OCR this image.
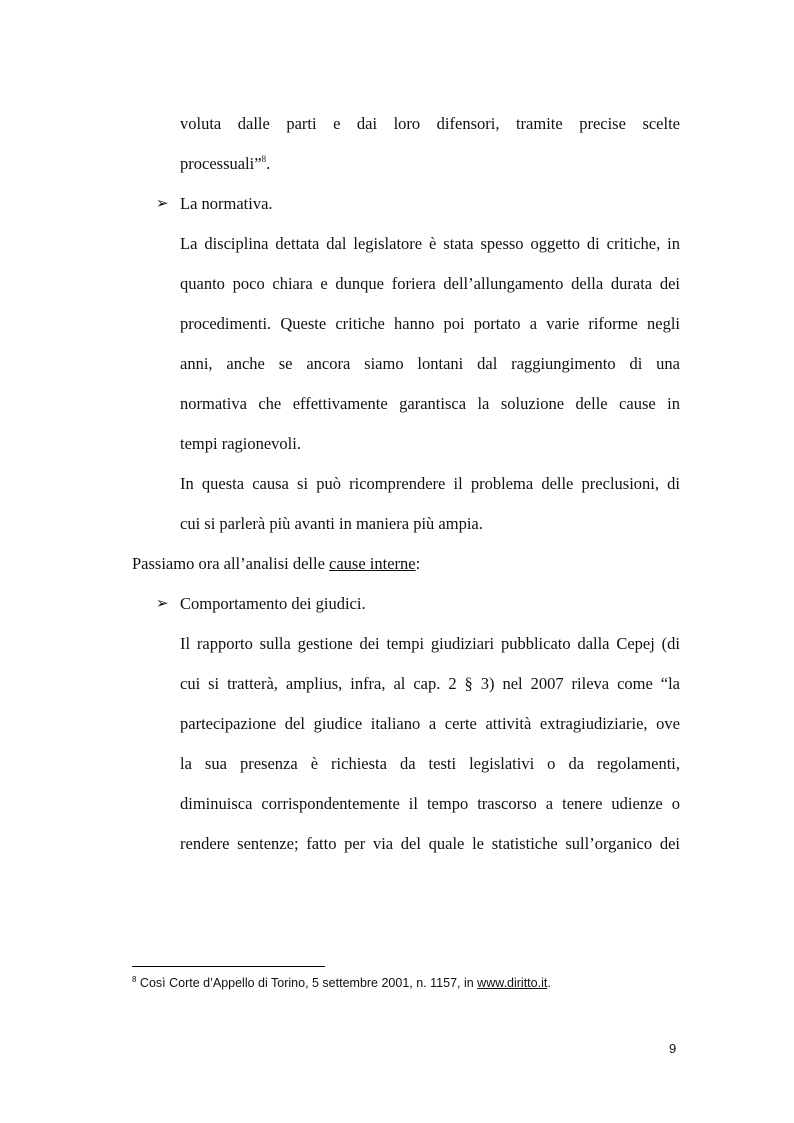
voluta dalle parti e dai loro difensori, tramite precise scelte
processuali”$^8$.
➢ La normativa.
La disciplina dettata dal legislatore è stata spesso oggetto di critiche, in
quanto poco chiara e dunque foriera dell’allungamento della durata dei
procedimenti. Queste critiche hanno poi portato a varie riforme negli
anni, anche se ancora siamo lontani dal raggiungimento di una
normativa che effettivamente garantisca la soluzione delle cause in
tempi ragionevoli.
In questa causa si può ricomprendere il problema delle preclusioni, di
cui si parlerà più avanti in maniera più ampia.
Passiamo ora all’analisi delle cause interne:
➢ Comportamento dei giudici.
Il rapporto sulla gestione dei tempi giudiziari pubblicato dalla Cepej (di
cui si tratterà, amplius, infra, al cap. 2 § 3) nel 2007 rileva come “la
partecipazione del giudice italiano a certe attività extragiudiziarie, ove
la sua presenza è richiesta da testi legislativi o da regolamenti,
diminuisca corrispondentemente il tempo trascorso a tenere udienze o
rendere sentenze; fatto per via del quale le statistiche sull’organico dei
$^8$ Così Corte d’Appello di Torino, 5 settembre 2001, n. 1157, in www.diritto.it.
9
